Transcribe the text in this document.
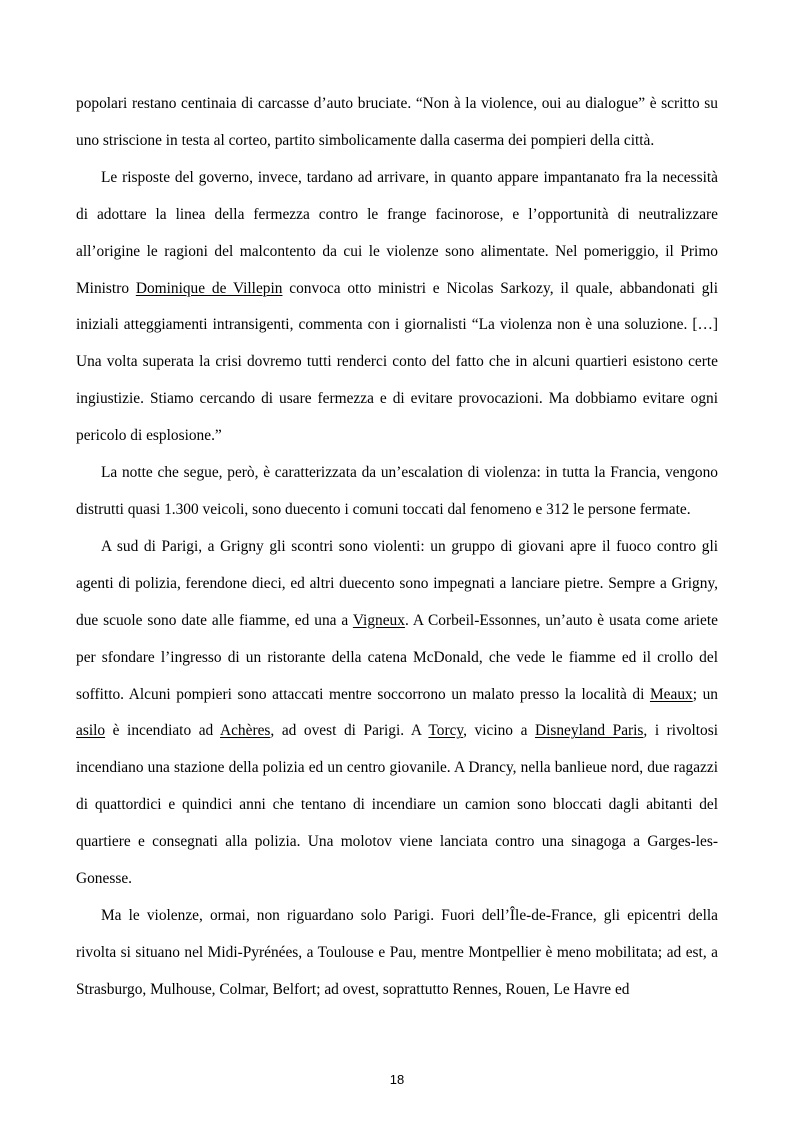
popolari restano centinaia di carcasse d’auto bruciate. “Non à la violence, oui au dialogue” è scritto su uno striscione in testa al corteo, partito simbolicamente dalla caserma dei pompieri della città.

Le risposte del governo, invece, tardano ad arrivare, in quanto appare impantanato fra la necessità di adottare la linea della fermezza contro le frange facinorose, e l’opportunità di neutralizzare all’origine le ragioni del malcontento da cui le violenze sono alimentate. Nel pomeriggio, il Primo Ministro Dominique de Villepin convoca otto ministri e Nicolas Sarkozy, il quale, abbandonati gli iniziali atteggiamenti intransigenti, commenta con i giornalisti “La violenza non è una soluzione. […] Una volta superata la crisi dovremo tutti renderci conto del fatto che in alcuni quartieri esistono certe ingiustizie. Stiamo cercando di usare fermezza e di evitare provocazioni. Ma dobbiamo evitare ogni pericolo di esplosione.”

La notte che segue, però, è caratterizzata da un’escalation di violenza: in tutta la Francia, vengono distrutti quasi 1.300 veicoli, sono duecento i comuni toccati dal fenomeno e 312 le persone fermate.

A sud di Parigi, a Grigny gli scontri sono violenti: un gruppo di giovani apre il fuoco contro gli agenti di polizia, ferendone dieci, ed altri duecento sono impegnati a lanciare pietre. Sempre a Grigny, due scuole sono date alle fiamme, ed una a Vigneux. A Corbeil-Essonnes, un’auto è usata come ariete per sfondare l’ingresso di un ristorante della catena McDonald, che vede le fiamme ed il crollo del soffitto. Alcuni pompieri sono attaccati mentre soccorrono un malato presso la località di Meaux; un asilo è incendiato ad Achères, ad ovest di Parigi. A Torcy, vicino a Disneyland Paris, i rivoltosi incendiano una stazione della polizia ed un centro giovanile. A Drancy, nella banlieue nord, due ragazzi di quattordici e quindici anni che tentano di incendiare un camion sono bloccati dagli abitanti del quartiere e consegnati alla polizia. Una molotov viene lanciata contro una sinagoga a Garges-les-Gonesse.

Ma le violenze, ormai, non riguardano solo Parigi. Fuori dell’Île-de-France, gli epicentri della rivolta si situano nel Midi-Pyrénées, a Toulouse e Pau, mentre Montpellier è meno mobilitata; ad est, a Strasburgo, Mulhouse, Colmar, Belfort; ad ovest, soprattutto Rennes, Rouen, Le Havre ed

18
